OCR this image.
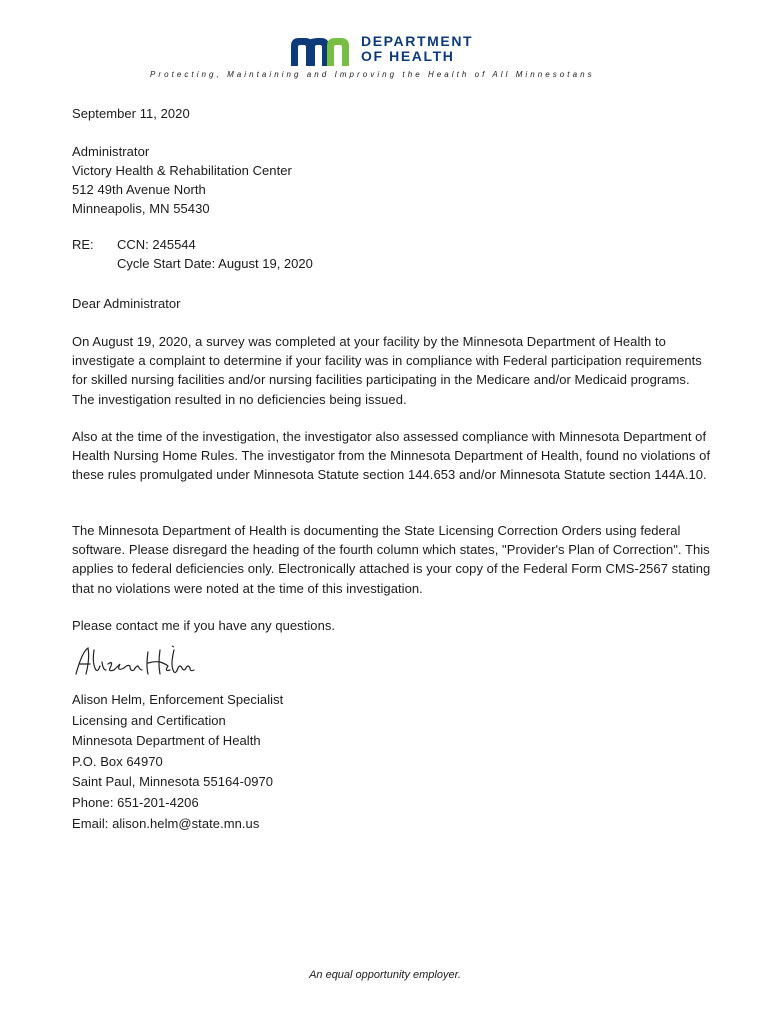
DEPARTMENT
OF HEALTH
Protecting, Maintaining and Improving the Health of All Minnesotans
September 11, 2020
Administrator
Victory Health & Rehabilitation Center
512 49th Avenue North
Minneapolis, MN 55430
RE: CCN: 245544
Cycle Start Date: August 19, 2020
Dear Administrator
On August 19, 2020, a survey was completed at your facility by the Minnesota Department of Health to investigate a complaint to determine if your facility was in compliance with Federal participation requirements for skilled nursing facilities and/or nursing facilities participating in the Medicare and/or Medicaid programs. The investigation resulted in no deficiencies being issued.
Also at the time of the investigation, the investigator also assessed compliance with Minnesota Department of Health Nursing Home Rules. The investigator from the Minnesota Department of Health, found no violations of these rules promulgated under Minnesota Statute section 144.653 and/or Minnesota Statute section 144A.10.
The Minnesota Department of Health is documenting the State Licensing Correction Orders using federal software. Please disregard the heading of the fourth column which states, "Provider's Plan of Correction". This applies to federal deficiencies only. Electronically attached is your copy of the Federal Form CMS-2567 stating that no violations were noted at the time of this investigation.
Please contact me if you have any questions.
Alison Helm, Enforcement Specialist
Licensing and Certification
Minnesota Department of Health
P.O. Box 64970
Saint Paul, Minnesota 55164-0970
Phone: 651-201-4206
Email: alison.helm@state.mn.us
An equal opportunity employer.
